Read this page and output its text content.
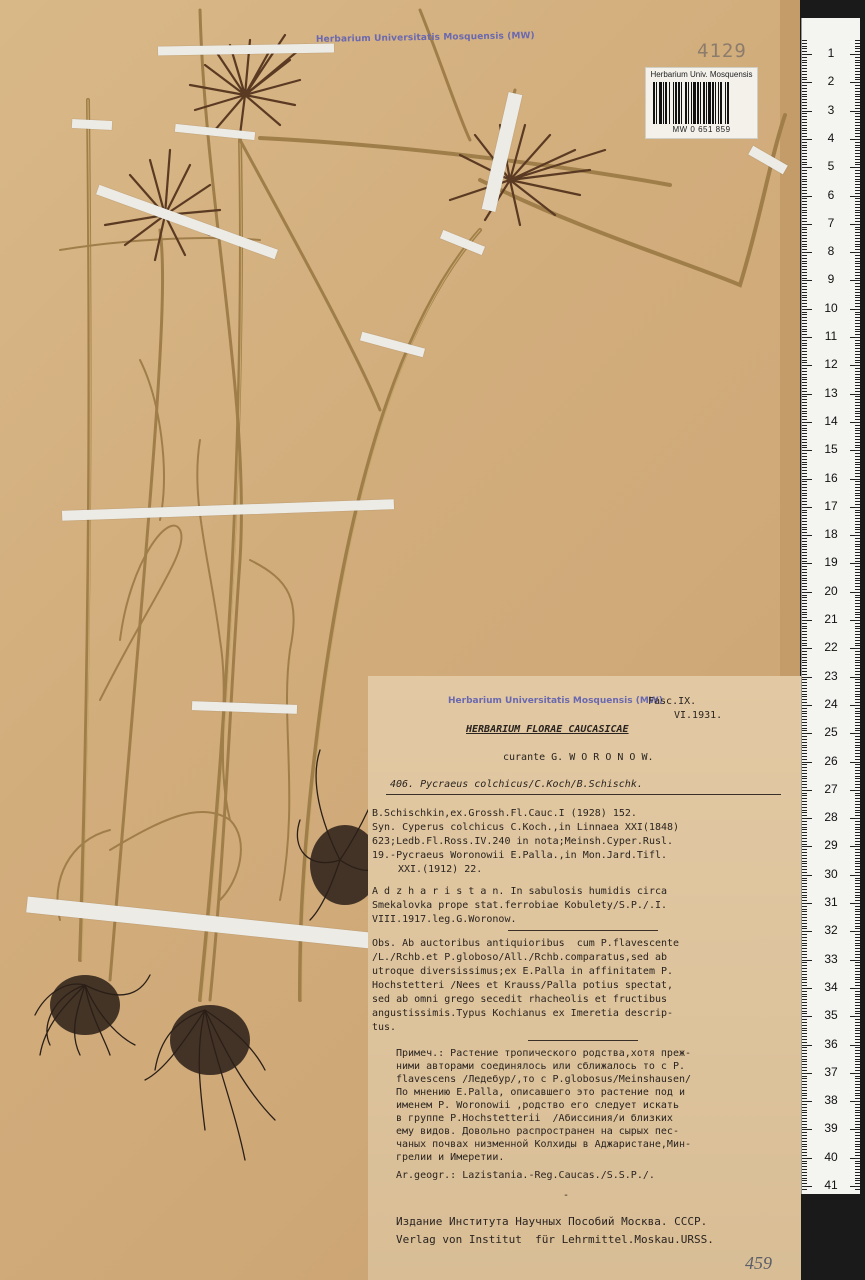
Herbarium Universitatis Mosquensis (MW)
4129
Herbarium Univ. Mosquensis
MW 0 651 859
1
2
3
4
5
6
7
8
9
10
11
12
13
14
15
16
17
18
19
20
21
22
23
24
25
26
27
28
29
30
31
32
33
34
35
36
37
38
39
40
41
Herbarium Universitatis Mosquensis (MW)
Fasc.IX.
VI.1931.
HERBARIUM FLORAE CAUCASICAE
curante G. W O R O N O W.
406. Pycraeus colchicus/C.Koch/B.Schischk.
B.Schischkin,ex.Grossh.Fl.Cauc.I (1928) 152.
Syn. Cyperus colchicus C.Koch.,in Linnaea XXI(1848)
623;Ledb.Fl.Ross.IV.240 in nota;Meinsh.Cyper.Rusl.
19.-Pycraeus Woronowii E.Palla.,in Mon.Jard.Tifl.
XXI.(1912) 22.
A d z h a r i s t a n. In sabulosis humidis circa
Smekalovka prope stat.ferrobiae Kobulety/S.P./.I.
VIII.1917.leg.G.Woronow.
Obs. Ab auctoribus antiquioribus  cum P.flavescente
/L./Rchb.et P.globoso/All./Rchb.comparatus,sed ab
utroque diversissimus;ex E.Palla in affinitatem P.
Hochstetteri /Nees et Krauss/Palla potius spectat,
sed ab omni grego secedit rhacheolis et fructibus
angustissimis.Typus Kochianus ex Imeretia descrip-
tus.
Примеч.: Растение тропического родства,хотя преж-
ними авторами соединялось или сближалось то с P.
flavescens /Ледебур/,то с P.globosus/Meinshausen/
По мнению E.Palla, описавшего это растение под и
именем P. Woronowii ,родство его следует искать
в группе P.Hochstetterii  /Абиссиния/и близких
ему видов. Довольно распространен на сырых пес-
чаных почвах низменной Колхиды в Аджаристане,Мин-
грелии и Имеретии.
Ar.geogr.: Lazistania.-Reg.Caucas./S.S.P./.
-
Издание Института Научных Пособий Москва. СССР.
Verlag von Institut  für Lehrmittel.Moskau.URSS.
459
